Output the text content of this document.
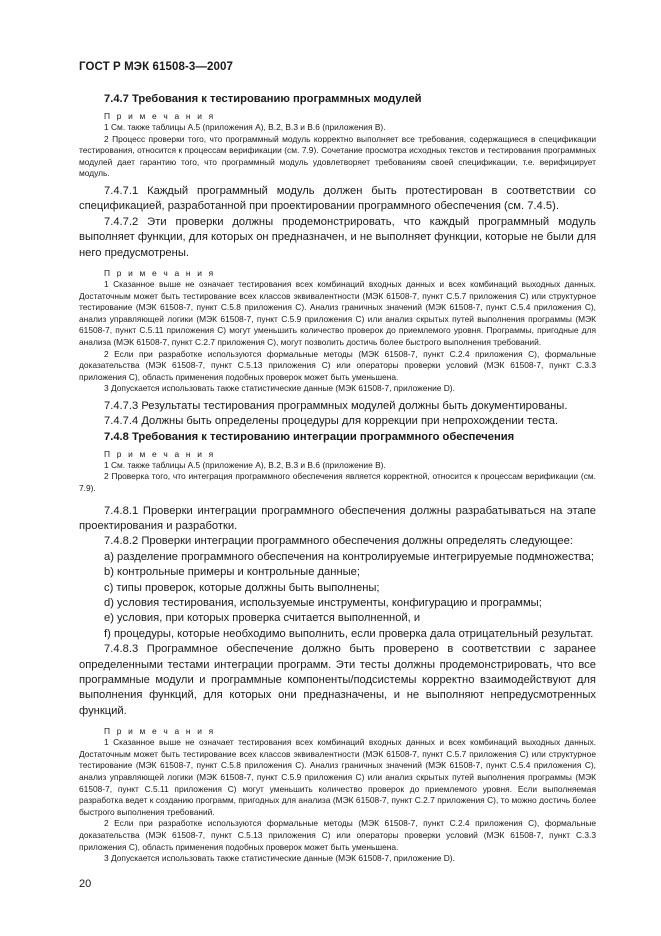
ГОСТ Р МЭК 61508-3—2007
7.4.7 Требования к тестированию программных модулей
П р и м е ч а н и я

1 См. также таблицы А.5 (приложения А), В.2, В.3 и В.6 (приложения В).

2 Процесс проверки того, что программный модуль корректно выполняет все требования, содержащиеся в спецификации тестирования, относится к процессам верификации (см. 7.9). Сочетание просмотра исходных текстов и тестирования программных модулей дает гарантию того, что программный модуль удовлетворяет требованиям своей спецификации, т.е. верифицирует модуль.

7.4.7.1 Каждый программный модуль должен быть протестирован в соответствии со спецификацией, разработанной при проектировании программного обеспечения (см. 7.4.5).

7.4.7.2 Эти проверки должны продемонстрировать, что каждый программный модуль выполняет функции, для которых он предназначен, и не выполняет функции, которые не были для него предусмотрены.

П р и м е ч а н и я

1 Сказанное выше не означает тестирования всех комбинаций входных данных и всех комбинаций выходных данных. Достаточным может быть тестирование всех классов эквивалентности (МЭК 61508-7, пункт С.5.7 приложения С) или структурное тестирование (МЭК 61508-7, пункт С.5.8 приложения С). Анализ граничных значений (МЭК 61508-7, пункт С.5.4 приложения С), анализ управляющей логики (МЭК 61508-7, пункт С.5.9 приложения С) или анализ скрытых путей выполнения программы (МЭК 61508-7, пункт С.5.11 приложения С) могут уменьшить количество проверок до приемлемого уровня. Программы, пригодные для анализа (МЭК 61508-7, пункт С.2.7 приложения С), могут позволить достичь более быстрого выполнения требований.

2 Если при разработке используются формальные методы (МЭК 61508-7, пункт С.2.4 приложения С), формальные доказательства (МЭК 61508-7, пункт С.5.13 приложения С) или операторы проверки условий (МЭК 61508-7, пункт С.3.3 приложения С), область применения подобных проверок может быть уменьшена.

3 Допускается использовать также статистические данные (МЭК 61508-7, приложение D).

7.4.7.3 Результаты тестирования программных модулей должны быть документированы.

7.4.7.4 Должны быть определены процедуры для коррекции при непрохождении теста.

7.4.8 Требования к тестированию интеграции программного обеспечения
П р и м е ч а н и я

1 См. также таблицы А.5 (приложение А), В.2, В.3 и В.6 (приложение В).

2 Проверка того, что интеграция программного обеспечения является корректной, относится к процессам верификации (см. 7.9).

7.4.8.1 Проверки интеграции программного обеспечения должны разрабатываться на этапе проектирования и разработки.

7.4.8.2 Проверки интеграции программного обеспечения должны определять следующее:

а) разделение программного обеспечения на контролируемые интегрируемые подмножества;

b) контрольные примеры и контрольные данные;

с) типы проверок, которые должны быть выполнены;

d) условия тестирования, используемые инструменты, конфигурацию и программы;

е) условия, при которых проверка считается выполненной, и

f) процедуры, которые необходимо выполнить, если проверка дала отрицательный результат.

7.4.8.3 Программное обеспечение должно быть проверено в соответствии с заранее определенными тестами интеграции программ. Эти тесты должны продемонстрировать, что все программные модули и программные компоненты/подсистемы корректно взаимодействуют для выполнения функций, для которых они предназначены, и не выполняют непредусмотренных функций.

П р и м е ч а н и я

1 Сказанное выше не означает тестирования всех комбинаций входных данных и всех комбинаций выходных данных. Достаточным может быть тестирование всех классов эквивалентности (МЭК 61508-7, пункт С.5.7 приложения С) или структурное тестирование (МЭК 61508-7, пункт С.5.8 приложения С). Анализ граничных значений (МЭК 61508-7, пункт С.5.4 приложения С), анализ управляющей логики (МЭК 61508-7, пункт С.5.9 приложения С) или анализ скрытых путей выполнения программы (МЭК 61508-7, пункт С.5.11 приложения С) могут уменьшить количество проверок до приемлемого уровня. Если выполняемая разработка ведет к созданию программ, пригодных для анализа (МЭК 61508-7, пункт С.2.7 приложения С), то можно достичь более быстрого выполнения требований.

2 Если при разработке используются формальные методы (МЭК 61508-7, пункт С.2.4 приложения С), формальные доказательства (МЭК 61508-7, пункт С.5.13 приложения С) или операторы проверки условий (МЭК 61508-7, пункт С.3.3 приложения С), область применения подобных проверок может быть уменьшена.

3 Допускается использовать также статистические данные (МЭК 61508-7, приложение D).

20
